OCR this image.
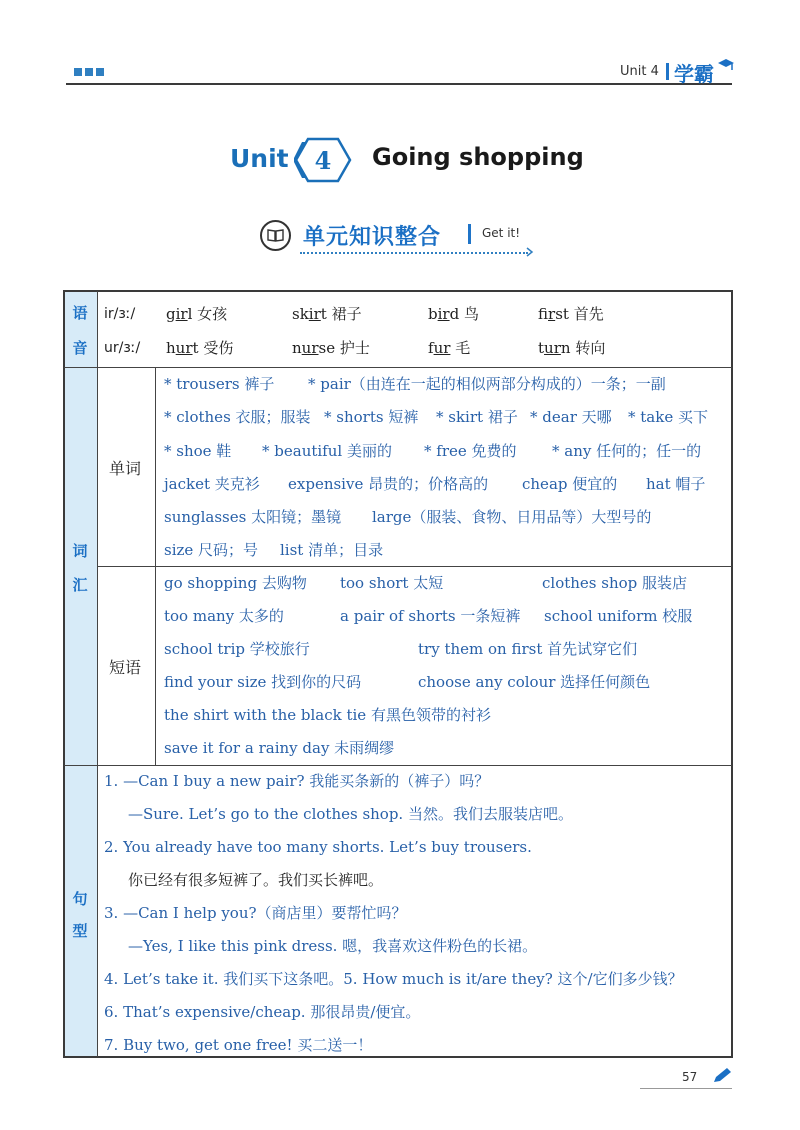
Unit 4 学霸
Unit 4 Going shopping
单元知识整合	Get it!
语
音
ir/ɜː/ girl 女孩	skirt 裙子	bird 鸟	first 首先
ur/ɜː/ hurt 受伤	nurse 护士	fur 毛	turn 转向
词
汇
单词
短语
* trousers 裤子 * pair（由连在一起的相似两部分构成的）一条；一副
* clothes 衣服；服装 * shorts 短裤 * skirt 裙子 * dear 天哪 * take 买下
* shoe 鞋 * beautiful 美丽的 * free 免费的 * any 任何的；任一的
jacket 夹克衫 expensive 昂贵的；价格高的 cheap 便宜的 hat 帽子
sunglasses 太阳镜；墨镜 large（服装、食物、日用品等）大型号的
size 尺码；号 list 清单；目录
go shopping 去购物 too short 太短	clothes shop 服装店
too many 太多的	a pair of shorts 一条短裤 school uniform 校服
school trip 学校旅行	try them on first 首先试穿它们
find your size 找到你的尺码	choose any colour 选择任何颜色
the shirt with the black tie 有黑色领带的衬衫
save it for a rainy day 未雨绸缪
句
型
1. —Can I buy a new pair? 我能买条新的（裤子）吗？
—Sure. Let’s go to the clothes shop. 当然。我们去服装店吧。
2. You already have too many shorts. Let’s buy trousers.
你已经有很多短裤了。我们买长裤吧。
3. —Can I help you?（商店里）要帮忙吗？
—Yes, I like this pink dress. 嗯，我喜欢这件粉色的长裙。
4. Let’s take it. 我们买下这条吧。5. How much is it/are they? 这个/它们多少钱？
6. That’s expensive/cheap. 那很昂贵/便宜。
7. Buy two, get one free! 买二送一！
57
